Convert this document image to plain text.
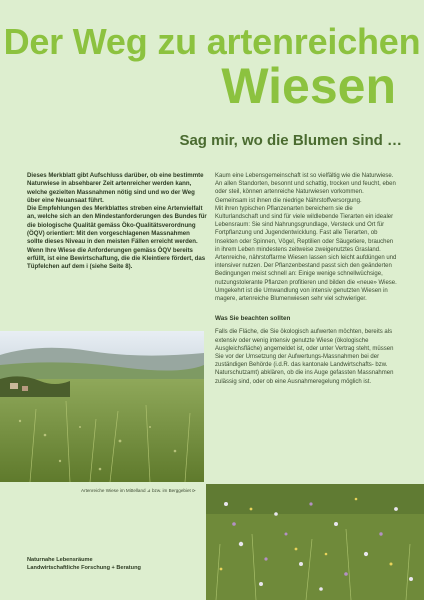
Der Weg zu artenreichen
Wiesen
Sag mir, wo die Blumen sind …

Dieses Merkblatt gibt Aufschluss darüber, ob eine bestimmte Naturwiese in absehbarer Zeit artenreicher werden kann, welche gezielten Massnahmen nötig sind und wo der Weg über eine Neuansaat führt.

Die Empfehlungen des Merkblattes streben eine Artenvielfalt an, welche sich an den Mindestanforderungen des Bundes für die biologische Qualität gemäss Öko-Qualitätsverordnung (ÖQV) orientiert: Mit den vorgeschlagenen Massnahmen sollte dieses Niveau in den meisten Fällen erreicht werden.

Wenn Ihre Wiese die Anforderungen gemäss ÖQV bereits erfüllt, ist eine Bewirtschaftung, die die Kleintiere fördert, das Tüpfelchen auf dem i (siehe Seite 8).

Kaum eine Lebensgemeinschaft ist so vielfältig wie die Naturwiese. An allen Standorten, besonnt und schattig, trocken und feucht, eben oder steil, können artenreiche Naturwiesen vorkommen. Gemeinsam ist ihnen die niedrige Nährstoffversorgung.

Mit ihren typischen Pflanzenarten bereichern sie die Kulturlandschaft und sind für viele wildlebende Tierarten ein idealer Lebensraum: Sie sind Nahrungsgrundlage, Versteck und Ort für Fortpflanzung und Jugendentwicklung. Fast alle Tierarten, ob Insekten oder Spinnen, Vögel, Reptilien oder Säugetiere, brauchen in ihrem Leben mindestens zeitweise zweigenutztes Grasland.

Artenreiche, nährstoffarme Wiesen lassen sich leicht aufdüngen und intensiver nutzen. Der Pflanzenbestand passt sich den geänderten Bedingungen meist schnell an: Einige wenige schnellwüchsige, nutzungstolerante Pflanzen profitieren und bilden die «neue» Wiese. Umgekehrt ist die Umwandlung von intensiv genutzten Wiesen in magere, artenreiche Blumenwiesen sehr viel schwieriger.

Was Sie beachten sollten

Falls die Fläche, die Sie ökologisch aufwerten möchten, bereits als extensiv oder wenig intensiv genutzte Wiese (ökologische Ausgleichsfläche) angemeldet ist, oder unter Vertrag steht, müssen Sie vor der Umsetzung der Aufwertungs-Massnahmen bei der zuständigen Behörde (i.d.R. das kantonale Landwirtschafts- bzw. Naturschutzamt) abklären, ob die ins Auge gefassten Massnahmen zulässig sind, oder ob eine Ausnahmeregelung möglich ist.

Artenreiche Wiese im Mittelland ⊿ bzw. im Berggebiet ⊳
Naturnahe Lebensräume
Landwirtschaftliche Forschung + Beratung
